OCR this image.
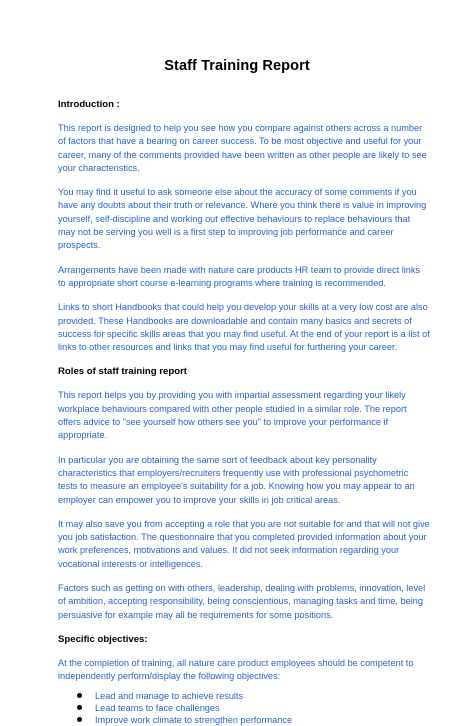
Staff Training Report
Introduction :

This report is designed to help you see how you compare against others across a number of factors that have a bearing on career success. To be most objective and useful for your career, many of the comments provided have been written as other people are likely to see your characteristics.

You may find it useful to ask someone else about the accuracy of some comments if you have any doubts about their truth or relevance. Where you think there is value in improving yourself, self-discipline and working out effective behaviours to replace behaviours that may not be serving you well is a first step to improving job performance and career prospects.

Arrangements have been made with nature care products HR team to provide direct links to appropriate short course e-learning programs where training is recommended.

Links to short Handbooks that could help you develop your skills at a very low cost are also provided. These Handbooks are downloadable and contain many basics and secrets of success for specific skills areas that you may find useful. At the end of your report is a list of links to other resources and links that you may find useful for furthering your career.

Roles of staff training report

This report helps you by providing you with impartial assessment regarding your likely workplace behaviours compared with other people studied in a similar role. The report offers advice to "see yourself how others see you" to improve your performance if appropriate.

In particular you are obtaining the same sort of feedback about key personality characteristics that employers/recruiters frequently use with professional psychometric tests to measure an employee's suitability for a job. Knowing how you may appear to an employer can empower you to improve your skills in job critical areas.

It may also save you from accepting a role that you are not suitable for and that will not give you job satisfaction. The questionnaire that you completed provided information about your work preferences, motivations and values. It did not seek information regarding your vocational interests or intelligences.

Factors such as getting on with others, leadership, dealing with problems, innovation, level of ambition, accepting responsibility, being conscientious, managing tasks and time, being persuasive for example may all be requirements for some positions.

Specific objectives:

At the completion of training, all nature care product employees should be competent to independently perform/display the following objectives:

Lead and manage to achieve results
Lead teams to face challenges
Improve work climate to strengthen performance
